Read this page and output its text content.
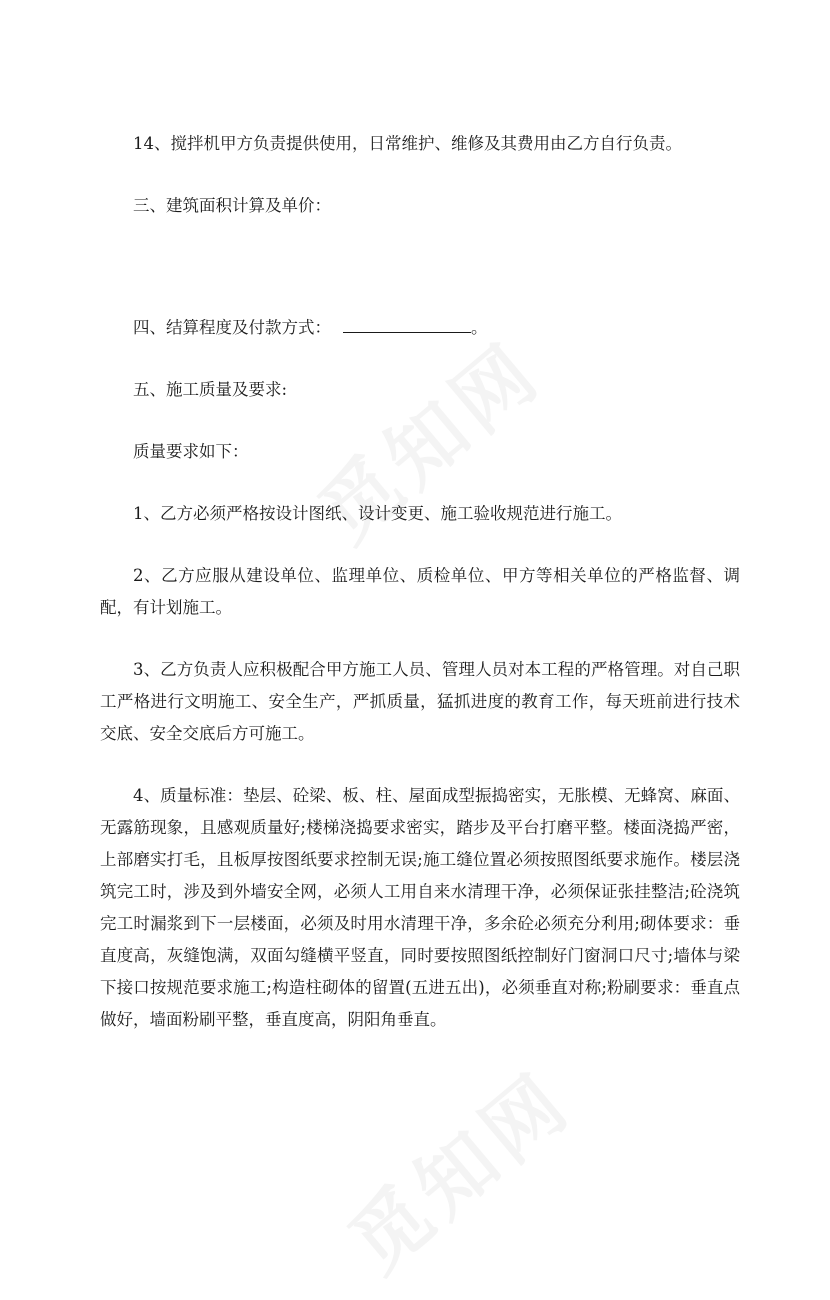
14、搅拌机甲方负责提供使用，日常维护、维修及其费用由乙方自行负责。

三、建筑面积计算及单价：

四、结算程度及付款方式：	。

五、施工质量及要求:

质量要求如下：

1、乙方必须严格按设计图纸、设计变更、施工验收规范进行施工。

2、乙方应服从建设单位、监理单位、质检单位、甲方等相关单位的严格监督、调配，有计划施工。

3、乙方负责人应积极配合甲方施工人员、管理人员对本工程的严格管理。对自己职工严格进行文明施工、安全生产，严抓质量，猛抓进度的教育工作，每天班前进行技术交底、安全交底后方可施工。

4、质量标准：垫层、砼梁、板、柱、屋面成型振捣密实，无胀模、无蜂窝、麻面、无露筋现象，且感观质量好;楼梯浇捣要求密实，踏步及平台打磨平整。楼面浇捣严密，上部磨实打毛，且板厚按图纸要求控制无误;施工缝位置必须按照图纸要求施作。楼层浇筑完工时，涉及到外墙安全网，必须人工用自来水清理干净，必须保证张挂整洁;砼浇筑完工时漏浆到下一层楼面，必须及时用水清理干净，多余砼必须充分利用;砌体要求：垂直度高，灰缝饱满，双面勾缝横平竖直，同时要按照图纸控制好门窗洞口尺寸;墙体与梁下接口按规范要求施工;构造柱砌体的留置(五进五出)，必须垂直对称;粉刷要求：垂直点做好，墙面粉刷平整，垂直度高，阴阳角垂直。
